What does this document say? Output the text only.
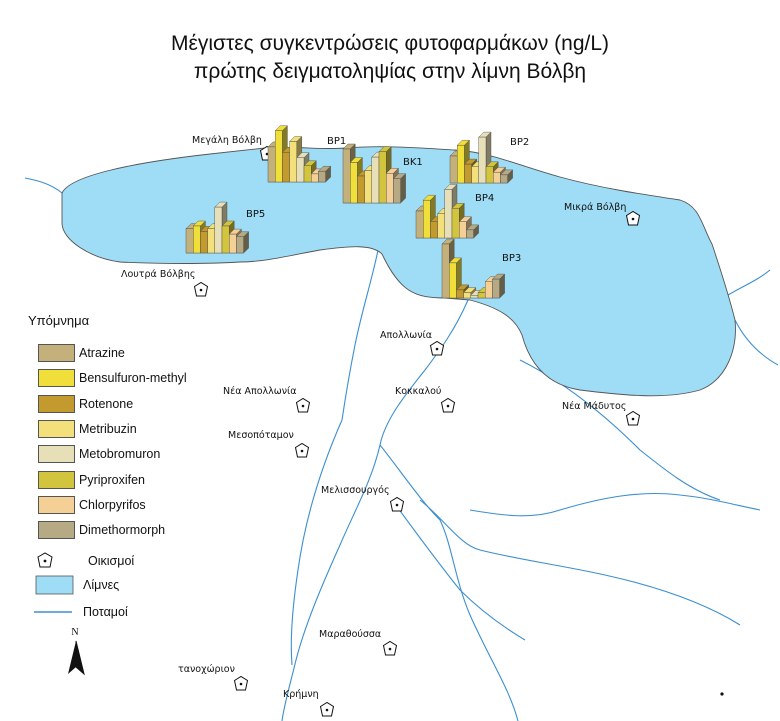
Μεγάλη Βόλβη
Λουτρά Βόλβης
Μικρά Βόλβη
Απολλωνία
Νέα Απολλωνία	Κοκκαλού
Νέα Μάδυτος
Μεσοπόταμον
Μελισσουργός
Μαραθούσσα
τανοχώριον
Κρήμνη
BP1
BK1
BP2
BP4
BP3
BP5
N
Μέγιστες συγκεντρώσεις φυτοφαρμάκων (ng/L)
πρώτης δειγματοληψίας στην λίμνη Βόλβη
Υπόμνημα
Atrazine
Bensulfuron-methyl
Rotenone
Metribuzin
Metobromuron
Pyriproxifen
Chlorpyrifos
Dimethormorph
Οικισμοί
Λίμνες
Ποταμοί
